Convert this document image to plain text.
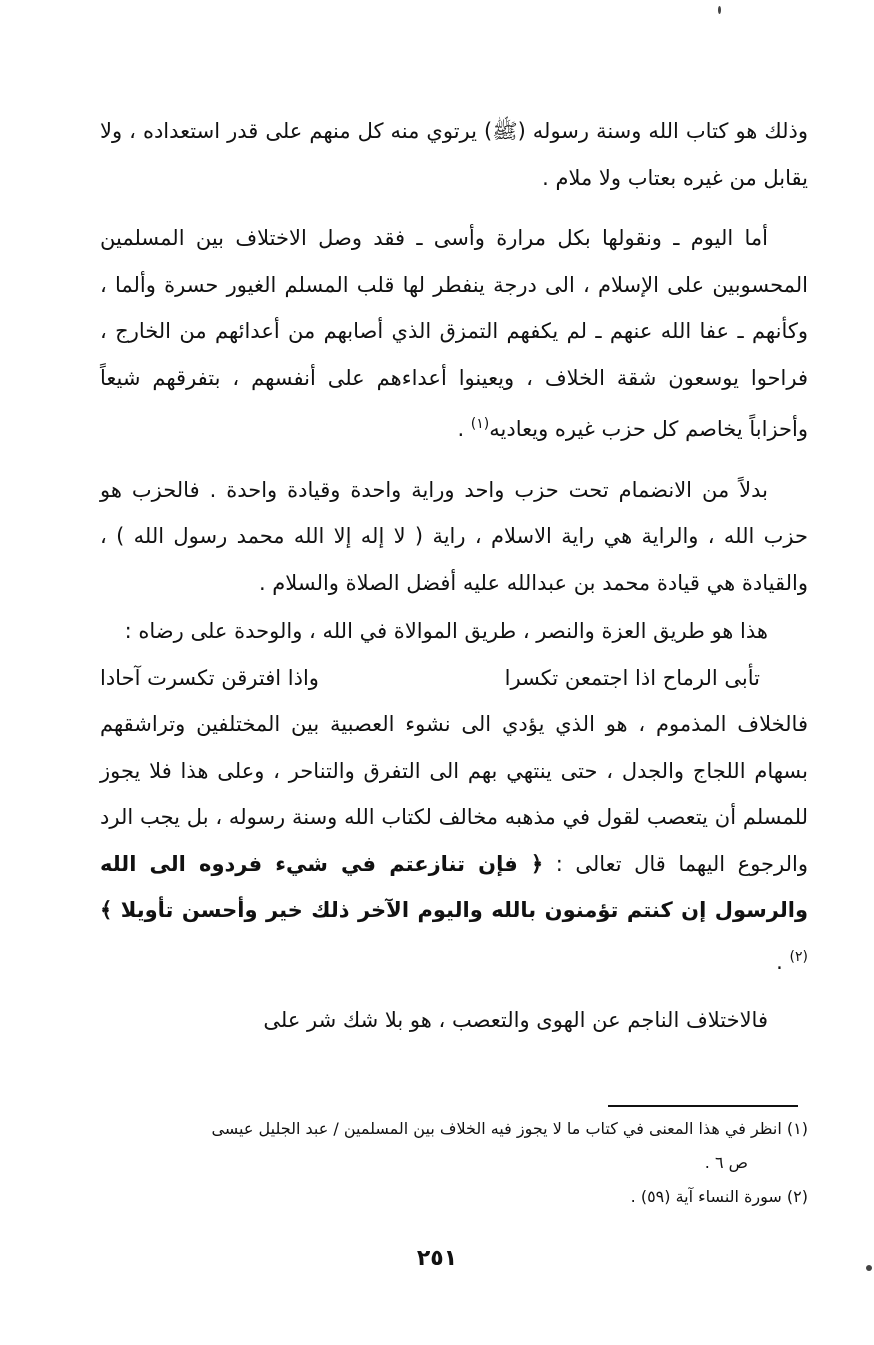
وذلك هو كتاب الله وسنة رسوله (ﷺ) يرتوي منه كل منهم على قدر استعداده ، ولا يقابل من غيره بعتاب ولا ملام .

أما اليوم ـ ونقولها بكل مرارة وأسى ـ فقد وصل الاختلاف بين المسلمين المحسوبين على الإسلام ، الى درجة ينفطر لها قلب المسلم الغيور حسرة وألما ، وكأنهم ـ عفا الله عنهم ـ لم يكفهم التمزق الذي أصابهم من أعدائهم من الخارج ، فراحوا يوسعون شقة الخلاف ، ويعينوا أعداءهم على أنفسهم ، بتفرقهم شيعاً وأحزاباً يخاصم كل حزب غيره ويعاديه$^{(١)}$ .

بدلاً من الانضمام تحت حزب واحد وراية واحدة وقيادة واحدة . فالحزب هو حزب الله ، والراية هي راية الاسلام ، راية ( لا إله إلا الله محمد رسول الله ) ، والقيادة هي قيادة محمد بن عبدالله عليه أفضل الصلاة والسلام .

هذا هو طريق العزة والنصر ، طريق الموالاة في الله ، والوحدة على رضاه :

تأبى الرماح اذا اجتمعن تكسرا
واذا افترقن تكسرت آحادا

فالخلاف المذموم ، هو الذي يؤدي الى نشوء العصبية بين المختلفين وتراشقهم بسهام اللجاج والجدل ، حتى ينتهي بهم الى التفرق والتناحر ، وعلى هذا فلا يجوز للمسلم أن يتعصب لقول في مذهبه مخالف لكتاب الله وسنة رسوله ، بل يجب الرد والرجوع اليهما قال تعالى : ﴿ فإن تنازعتم في شيء فردوه الى الله والرسول إن كنتم تؤمنون بالله واليوم الآخر ذلك خير وأحسن تأويلا ﴾$^{(٢)}$ .

فالاختلاف الناجم عن الهوى والتعصب ، هو بلا شك شر على

(١) انظر في هذا المعنى في كتاب ما لا يجوز فيه الخلاف بين المسلمين / عبد الجليل عيسى
ص ٦ .
(٢) سورة النساء آية (٥٩) .
٢٥١
